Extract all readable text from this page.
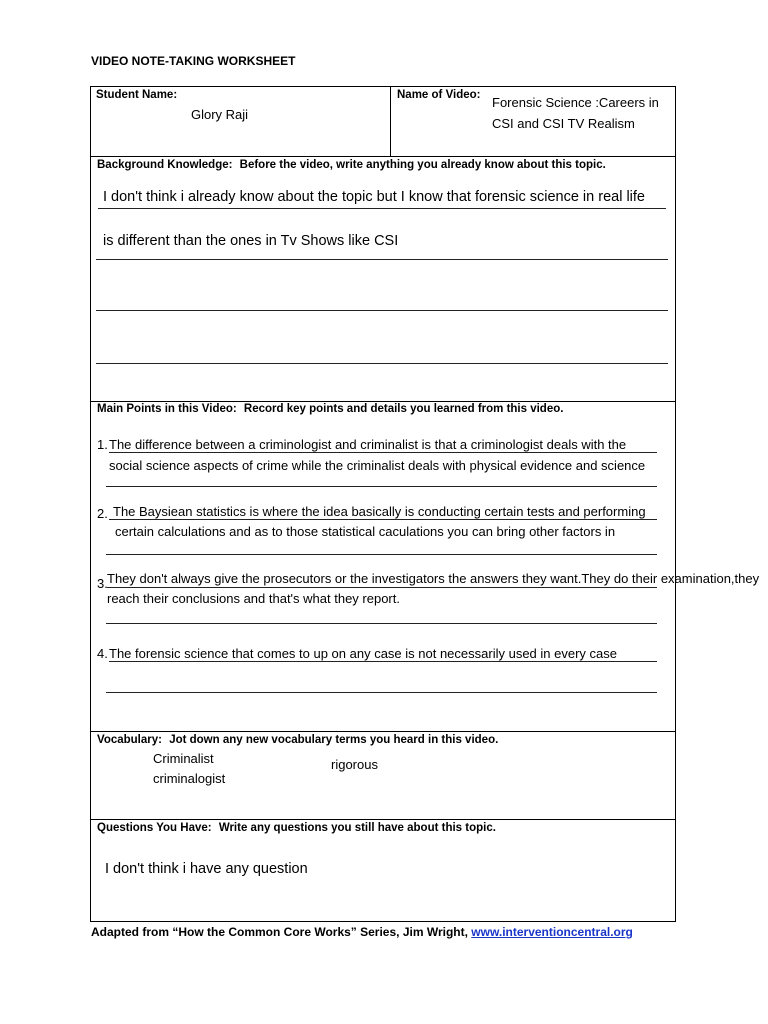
VIDEO NOTE-TAKING WORKSHEET
Student Name:
Glory Raji
Name of Video: Forensic Science :Careers in
CSI and CSI TV Realism
Background Knowledge: Before the video, write anything you already know about this topic.
I don't think i already know about the topic but I know that forensic science in real life
is different than the ones in Tv Shows like CSI
Main Points in this Video: Record key points and details you learned from this video.
1. The difference between a criminologist and criminalist is that a criminologist deals with the
social science aspects of crime while the criminalist deals with physical evidence and science
2. The Baysiean statistics is where the idea basically is conducting certain tests and performing
certain calculations and as to those statistical caculations you can bring other factors in
3. They don't always give the prosecutors or the investigators the answers they want.They do their examination,they
reach their conclusions and that's what they report.
4. The forensic science that comes to up on any case is not necessarily used in every case
Vocabulary: Jot down any new vocabulary terms you heard in this video.
Criminalist
criminalogist
rigorous
Questions You Have: Write any questions you still have about this topic.
I don't think i have any question
Adapted from “How the Common Core Works” Series, Jim Wright, www.interventioncentral.org
